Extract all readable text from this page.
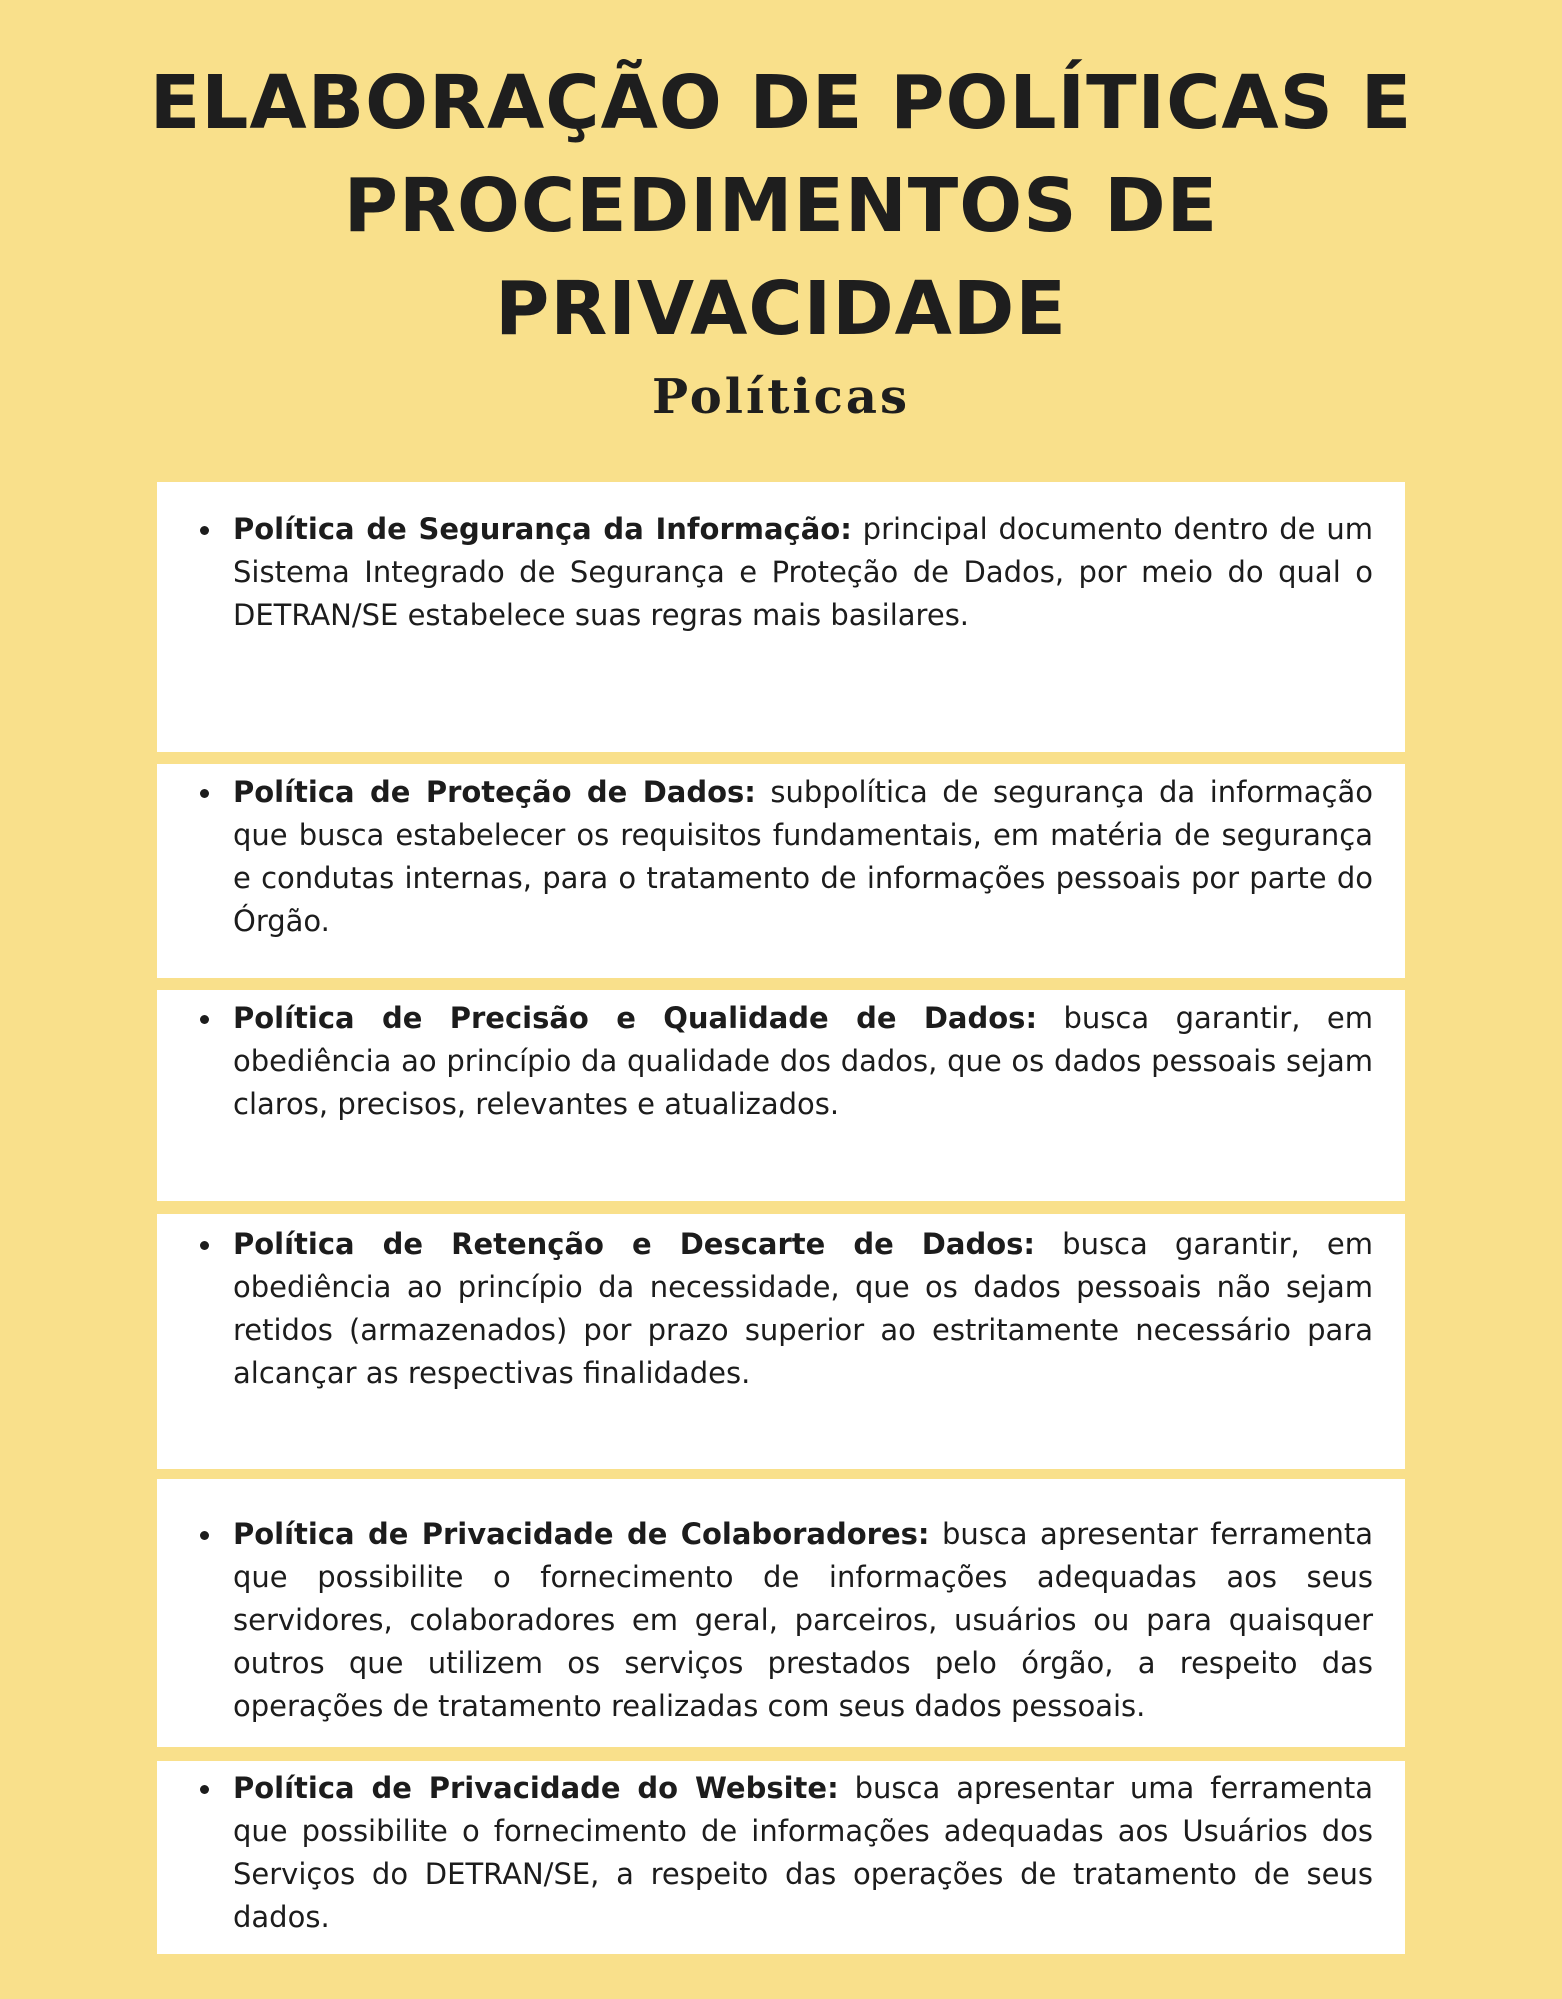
ELABORAÇÃO DE POLÍTICAS E
PROCEDIMENTOS DE
PRIVACIDADE
Políticas
Política de Segurança da Informação: principal documento dentro de um Sistema Integrado de Segurança e Proteção de Dados, por meio do qual o DETRAN/SE estabelece suas regras mais basilares.
Política de Proteção de Dados: subpolítica de segurança da informação que busca estabelecer os requisitos fundamentais, em matéria de segurança e condutas internas, para o tratamento de informações pessoais por parte do Órgão.
Política de Precisão e Qualidade de Dados: busca garantir, em obediência ao princípio da qualidade dos dados, que os dados pessoais sejam claros, precisos, relevantes e atualizados.
Política de Retenção e Descarte de Dados: busca garantir, em obediência ao princípio da necessidade, que os dados pessoais não sejam retidos (armazenados) por prazo superior ao estritamente necessário para alcançar as respectivas finalidades.
Política de Privacidade de Colaboradores: busca apresentar ferramenta que possibilite o fornecimento de informações adequadas aos seus servidores, colaboradores em geral, parceiros, usuários ou para quaisquer outros que utilizem os serviços prestados pelo órgão, a respeito das operações de tratamento realizadas com seus dados pessoais.
Política de Privacidade do Website: busca apresentar uma ferramenta que possibilite o fornecimento de informações adequadas aos Usuários dos Serviços do DETRAN/SE, a respeito das operações de tratamento de seus dados.
